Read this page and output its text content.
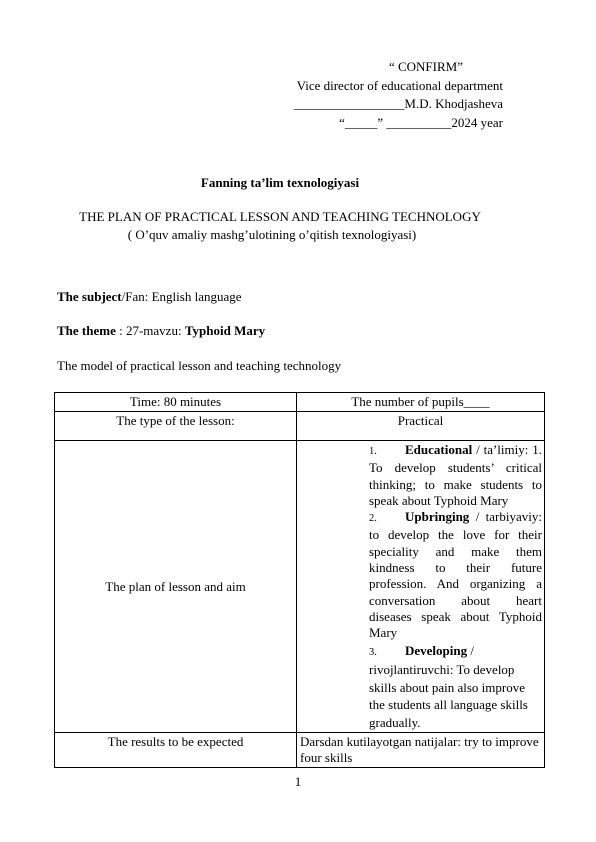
“ CONFIRM”
Vice director of educational department
_________________M.D. Khodjasheva
“_____” __________2024 year
Fanning ta’lim texnologiyasi
THE PLAN OF PRACTICAL LESSON AND TEACHING TECHNOLOGY
( O’quv amaliy mashg’ulotining o’qitish texnologiyasi)
The subject/Fan: English language
The theme : 27-mavzu: Typhoid Mary
The model of practical lesson and teaching technology
Time: 80 minutes	The number of pupils____
The type of the lesson:	Practical
The plan of lesson and aim	1. Educational / ta’limiy: 1. To develop students’ critical thinking; to make students to speak about Typhoid Mary

2. Upbringing / tarbiyaviy: to develop the love for their speciality and make them kindness to their future profession. And organizing a conversation about heart diseases speak about Typhoid Mary

3. Developing / rivojlantiruvchi: To develop skills about pain also improve the students all language skills gradually.

The results to be expected	Darsdan kutilayotgan natijalar: try to improve four skills
1
